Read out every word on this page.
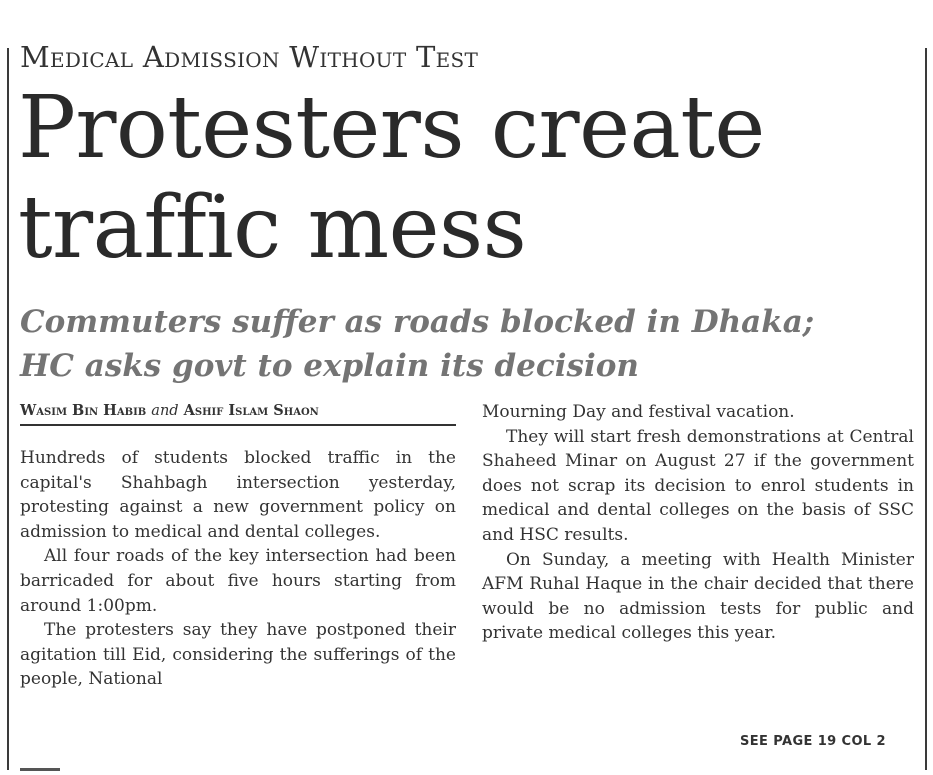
Medical Admission Without Test
Protesters create
traffic mess
Commuters suffer as roads blocked in Dhaka;
HC asks govt to explain its decision
Wasim Bin Habib and Ashif Islam Shaon

Hundreds of students blocked traffic in the capital's Shahbagh intersection yesterday, protesting against a new government policy on admission to medical and dental colleges.

All four roads of the key intersection had been barricaded for about five hours starting from around 1:00pm.

The protesters say they have postponed their agitation till Eid, considering the sufferings of the people, National

Mourning Day and festival vacation.

They will start fresh demonstrations at Central Shaheed Minar on August 27 if the government does not scrap its decision to enrol students in medical and dental colleges on the basis of SSC and HSC results.

On Sunday, a meeting with Health Minister AFM Ruhal Haque in the chair decided that there would be no admission tests for public and private medical colleges this year.

SEE PAGE 19 COL 2
